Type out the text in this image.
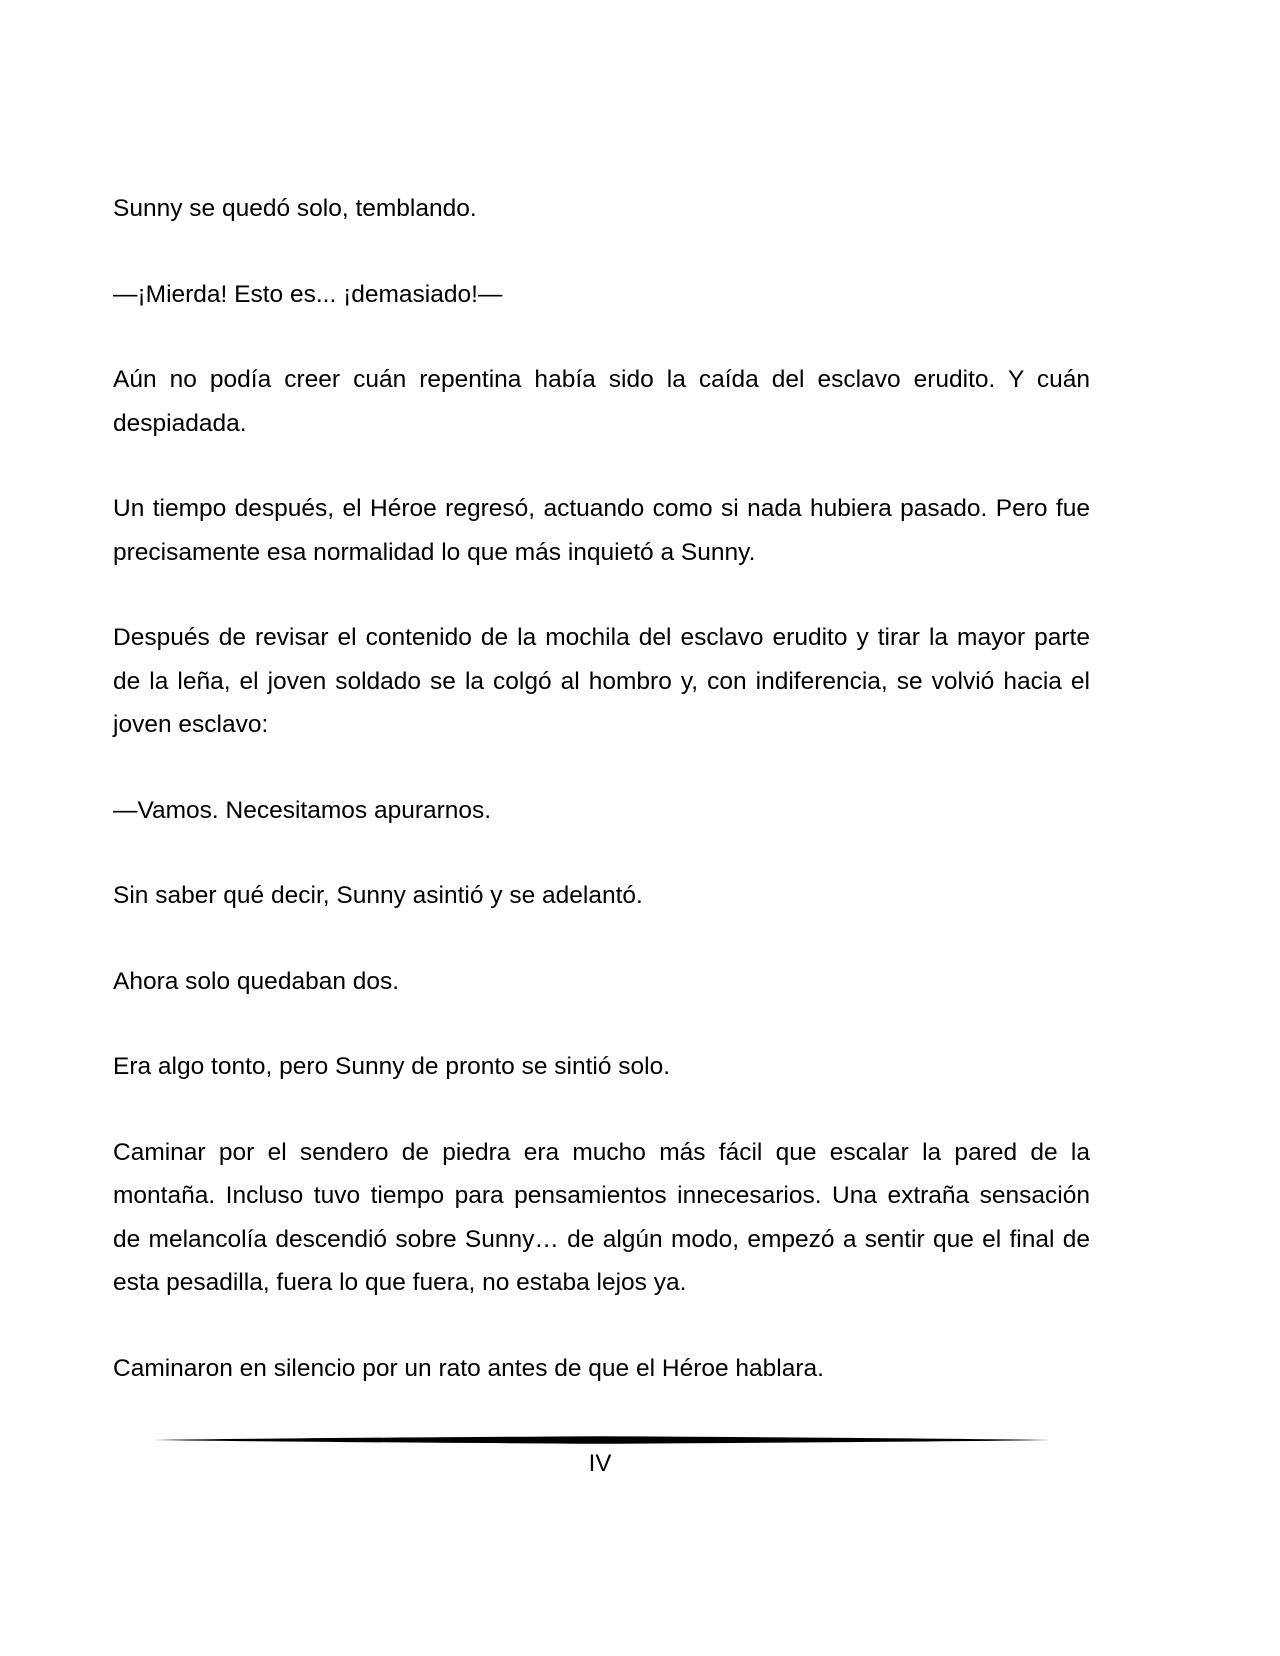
Sunny se quedó solo, temblando.

—¡Mierda! Esto es... ¡demasiado!—

Aún no podía creer cuán repentina había sido la caída del esclavo erudito. Y cuán despiadada.

Un tiempo después, el Héroe regresó, actuando como si nada hubiera pasado. Pero fue precisamente esa normalidad lo que más inquietó a Sunny.

Después de revisar el contenido de la mochila del esclavo erudito y tirar la mayor parte de la leña, el joven soldado se la colgó al hombro y, con indiferencia, se volvió hacia el joven esclavo:

—Vamos. Necesitamos apurarnos.

Sin saber qué decir, Sunny asintió y se adelantó.

Ahora solo quedaban dos.

Era algo tonto, pero Sunny de pronto se sintió solo.

Caminar por el sendero de piedra era mucho más fácil que escalar la pared de la montaña. Incluso tuvo tiempo para pensamientos innecesarios. Una extraña sensación de melancolía descendió sobre Sunny… de algún modo, empezó a sentir que el final de esta pesadilla, fuera lo que fuera, no estaba lejos ya.

Caminaron en silencio por un rato antes de que el Héroe hablara.

IV
